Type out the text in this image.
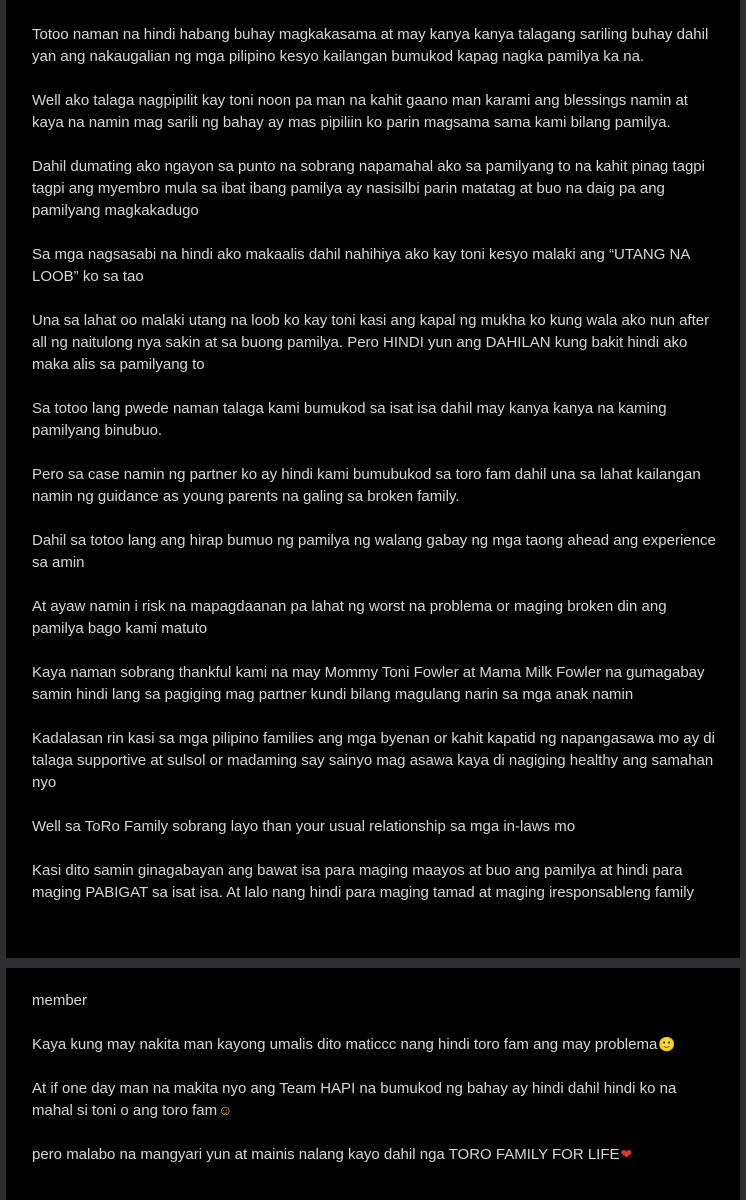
Totoo naman na hindi habang buhay magkakasama at may kanya kanya talagang sariling buhay dahil yan ang nakaugalian ng mga pilipino kesyo kailangan bumukod kapag nagka pamilya ka na.

Well ako talaga nagpipilit kay toni noon pa man na kahit gaano man karami ang blessings namin at kaya na namin mag sarili ng bahay ay mas pipiliin ko parin magsama sama kami bilang pamilya.

Dahil dumating ako ngayon sa punto na sobrang napamahal ako sa pamilyang to na kahit pinag tagpi tagpi ang myembro mula sa ibat ibang pamilya ay nasisilbi parin matatag at buo na daig pa ang pamilyang magkakadugo

Sa mga nagsasabi na hindi ako makaalis dahil nahihiya ako kay toni kesyo malaki ang “UTANG NA LOOB” ko sa tao

Una sa lahat oo malaki utang na loob ko kay toni kasi ang kapal ng mukha ko kung wala ako nun after all ng naitulong nya sakin at sa buong pamilya. Pero HINDI yun ang DAHILAN kung bakit hindi ako maka alis sa pamilyang to

Sa totoo lang pwede naman talaga kami bumukod sa isat isa dahil may kanya kanya na kaming pamilyang binubuo.

Pero sa case namin ng partner ko ay hindi kami bumubukod sa toro fam dahil una sa lahat kailangan namin ng guidance as young parents na galing sa broken family.

Dahil sa totoo lang ang hirap bumuo ng pamilya ng walang gabay ng mga taong ahead ang experience sa amin

At ayaw namin i risk na mapagdaanan pa lahat ng worst na problema or maging broken din ang pamilya bago kami matuto

Kaya naman sobrang thankful kami na may Mommy Toni Fowler at Mama Milk Fowler na gumagabay samin hindi lang sa pagiging mag partner kundi bilang magulang narin sa mga anak namin

Kadalasan rin kasi sa mga pilipino families ang mga byenan or kahit kapatid ng napangasawa mo ay di talaga supportive at sulsol or madaming say sainyo mag asawa kaya di nagiging healthy ang samahan nyo

Well sa ToRo Family sobrang layo than your usual relationship sa mga in-laws mo

Kasi dito samin ginagabayan ang bawat isa para maging maayos at buo ang pamilya at hindi para maging PABIGAT sa isat isa. At lalo nang hindi para maging tamad at maging iresponsableng family

member

Kaya kung may nakita man kayong umalis dito maticcc nang hindi toro fam ang may problema🙂

At if one day man na makita nyo ang Team HAPI na bumukod ng bahay ay hindi dahil hindi ko na mahal si toni o ang toro fam☺

pero malabo na mangyari yun at mainis nalang kayo dahil nga TORO FAMILY FOR LIFE❤
